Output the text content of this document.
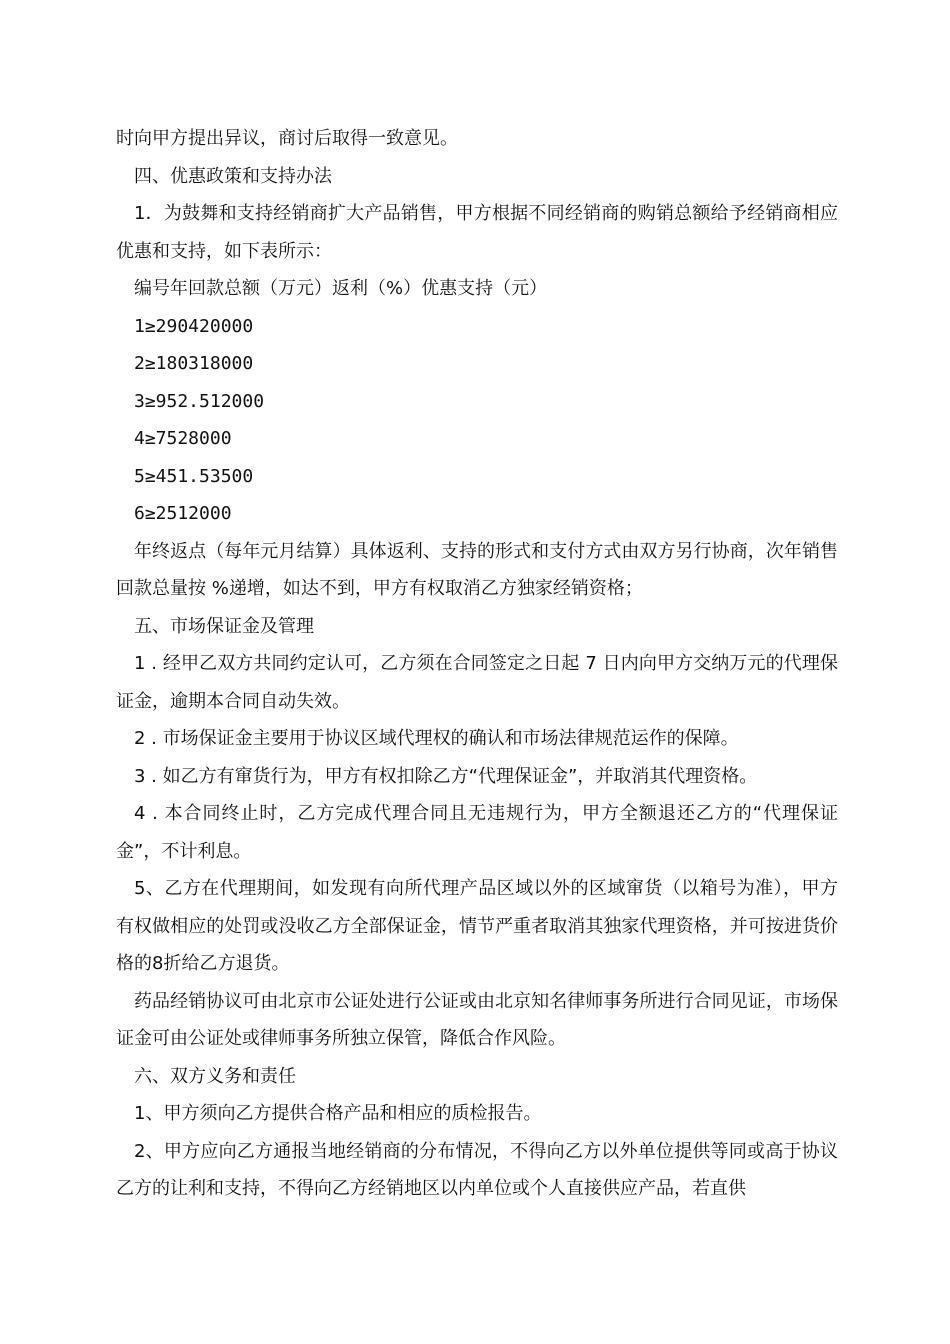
时向甲方提出异议，商讨后取得一致意见。

四、优惠政策和支持办法

1．为鼓舞和支持经销商扩大产品销售，甲方根据不同经销商的购销总额给予经销商相应优惠和支持，如下表所示：

编号年回款总额（万元）返利（%）优惠支持（元）

1≥290420000

2≥180318000

3≥952.512000

4≥7528000

5≥451.53500

6≥2512000

年终返点（每年元月结算）具体返利、支持的形式和支付方式由双方另行协商，次年销售回款总量按 %递增，如达不到，甲方有权取消乙方独家经销资格；

五、市场保证金及管理

1 . 经甲乙双方共同约定认可，乙方须在合同签定之日起 7 日内向甲方交纳万元的代理保证金，逾期本合同自动失效。

2 . 市场保证金主要用于协议区域代理权的确认和市场法律规范运作的保障。

3 . 如乙方有窜货行为，甲方有权扣除乙方“代理保证金”，并取消其代理资格。

4 . 本合同终止时，乙方完成代理合同且无违规行为，甲方全额退还乙方的“代理保证金”，不计利息。

5、乙方在代理期间，如发现有向所代理产品区域以外的区域窜货（以箱号为准），甲方有权做相应的处罚或没收乙方全部保证金，情节严重者取消其独家代理资格，并可按进货价格的8折给乙方退货。

药品经销协议可由北京市公证处进行公证或由北京知名律师事务所进行合同见证，市场保证金可由公证处或律师事务所独立保管，降低合作风险。

六、双方义务和责任

1、甲方须向乙方提供合格产品和相应的质检报告。

2、甲方应向乙方通报当地经销商的分布情况，不得向乙方以外单位提供等同或高于协议乙方的让利和支持，不得向乙方经销地区以内单位或个人直接供应产品，若直供
